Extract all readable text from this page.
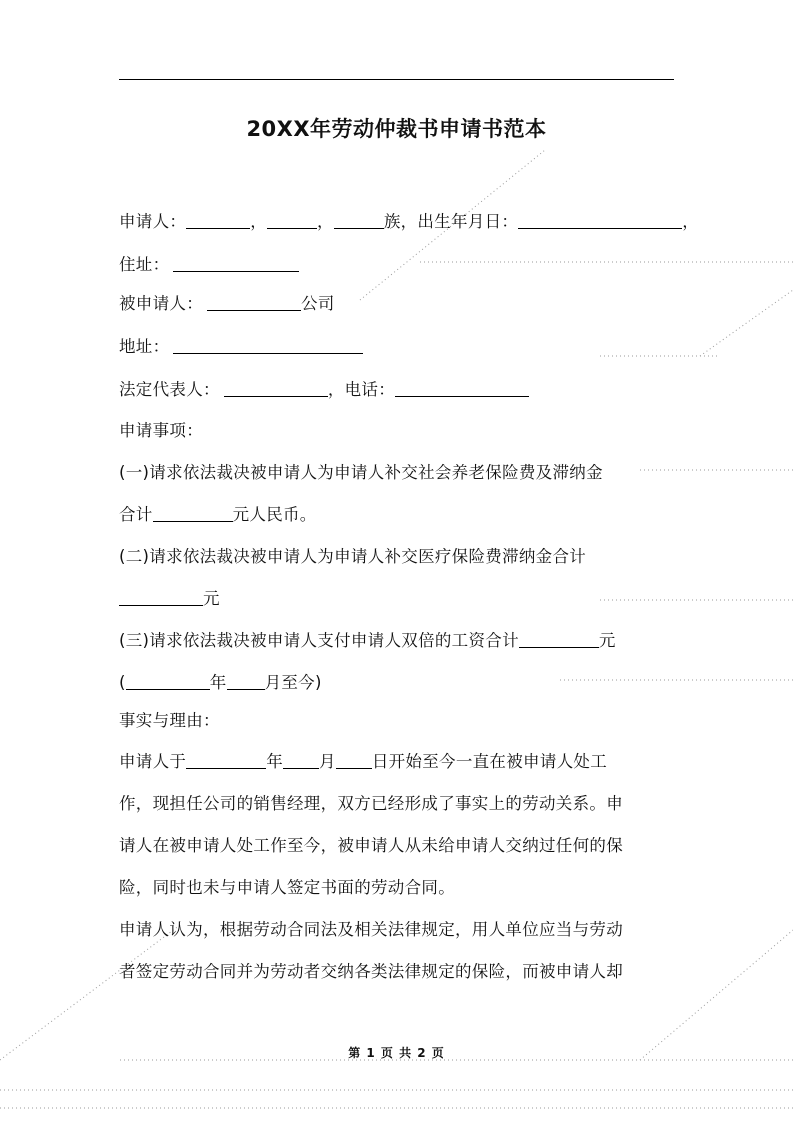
20XX年劳动仲裁书申请书范本
申请人：	，	，	族，出生年月日：	，
住址：
被申请人：	公司
地址：
法定代表人：	，电话：
申请事项：
(一)请求依法裁决被申请人为申请人补交社会养老保险费及滞纳金
合计	元人民币。
(二)请求依法裁决被申请人为申请人补交医疗保险费滞纳金合计
元
(三)请求依法裁决被申请人支付申请人双倍的工资合计	元
(	年 月至今)
事实与理由：
申请人于	年 月 日开始至今一直在被申请人处工
作，现担任公司的销售经理，双方已经形成了事实上的劳动关系。申
请人在被申请人处工作至今，被申请人从未给申请人交纳过任何的保
险，同时也未与申请人签定书面的劳动合同。
申请人认为，根据劳动合同法及相关法律规定，用人单位应当与劳动
者签定劳动合同并为劳动者交纳各类法律规定的保险，而被申请人却
第 1 页 共 2 页
